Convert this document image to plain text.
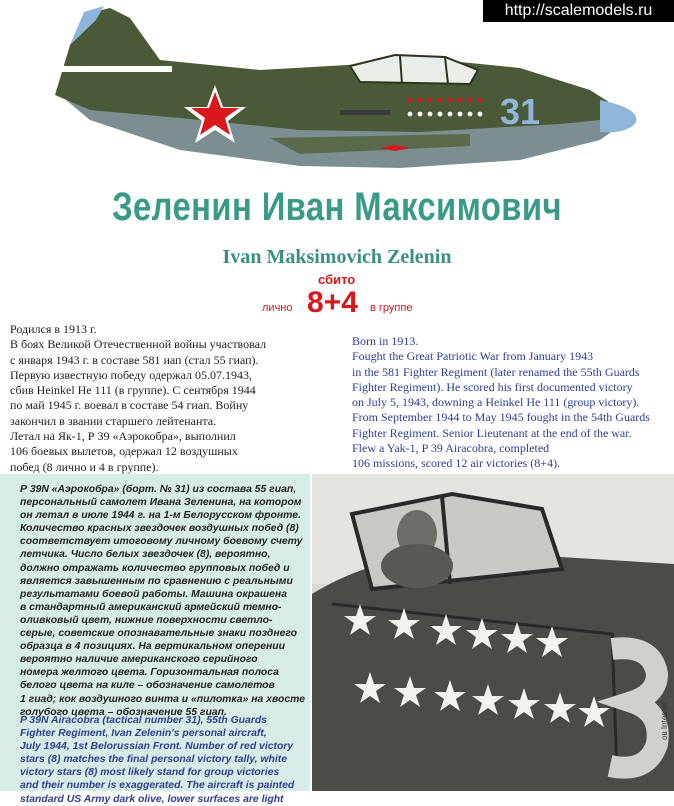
31
http://scalemodels.ru
Зеленин Иван Максимович
Ivan Maksimovich Zelenin
сбито
8+4
лично	в группе

Родился в 1913 г.

В боях Великой Отечественной войны участвовал

с января 1943 г. в составе 581 иап (стал 55 гиап).

Первую известную победу одержал 05.07.1943,

сбив Heinkel He 111 (в группе). С сентября 1944

по май 1945 г. воевал в составе 54 гиап. Войну

закончил в звании старшего лейтенанта.

Летал на Як-1, Р 39 «Аэрокобра», выполнил

106 боевых вылетов, одержал 12 воздушных

побед (8 лично и 4 в группе).

Born in 1913.

Fought the Great Patriotic War from January 1943

in the 581 Fighter Regiment (later renamed the 55th Guards

Fighter Regiment). He scored his first documented victory

on July 5, 1943, downing a Heinkel He 111 (group victory).

From September 1944 to May 1945 fought in the 54th Guards

Fighter Regiment. Senior Lieutenant at the end of the war.

Flew a Yak-1, P 39 Airacobra, completed

106 missions, scored 12 air victories (8+4).

Р 39N «Аэрокобра» (борт. № 31) из состава 55 гиап,

персональный самолет Ивана Зеленина, на котором

он летал в июле 1944 г. на 1-м Белорусском фронте.

Количество красных звездочек воздушных побед (8)

соответствует итоговому личному боевому счету

летчика. Число белых звездочек (8), вероятно,

должно отражать количество групповых побед и

является завышенным по сравнению с реальными

результатами боевой работы. Машина окрашена

в стандартный американский армейский темно-

оливковый цвет, нижние поверхности светло-

серые, советские опознавательные знаки позднего

образца в 4 позициях. На вертикальном оперении

вероятно наличие американского серийного

номера желтого цвета. Горизонтальная полоса

белого цвета на киле – обозначение самолетов

1 гиад; кок воздушного винта и «пилотка» на хвосте

голубого цвета – обозначение 55 гиап.

P 39N Airacobra (tactical number 31), 55th Guards

Fighter Regiment, Ivan Zelenin's personal aircraft,

July 1944, 1st Belorussian Front. Number of red victory

stars (8) matches the final personal victory tally, white

victory stars (8) most likely stand for group victories

and their number is exaggerated. The aircraft is painted

standard US Army dark olive, lower surfaces are light

ов Internet
